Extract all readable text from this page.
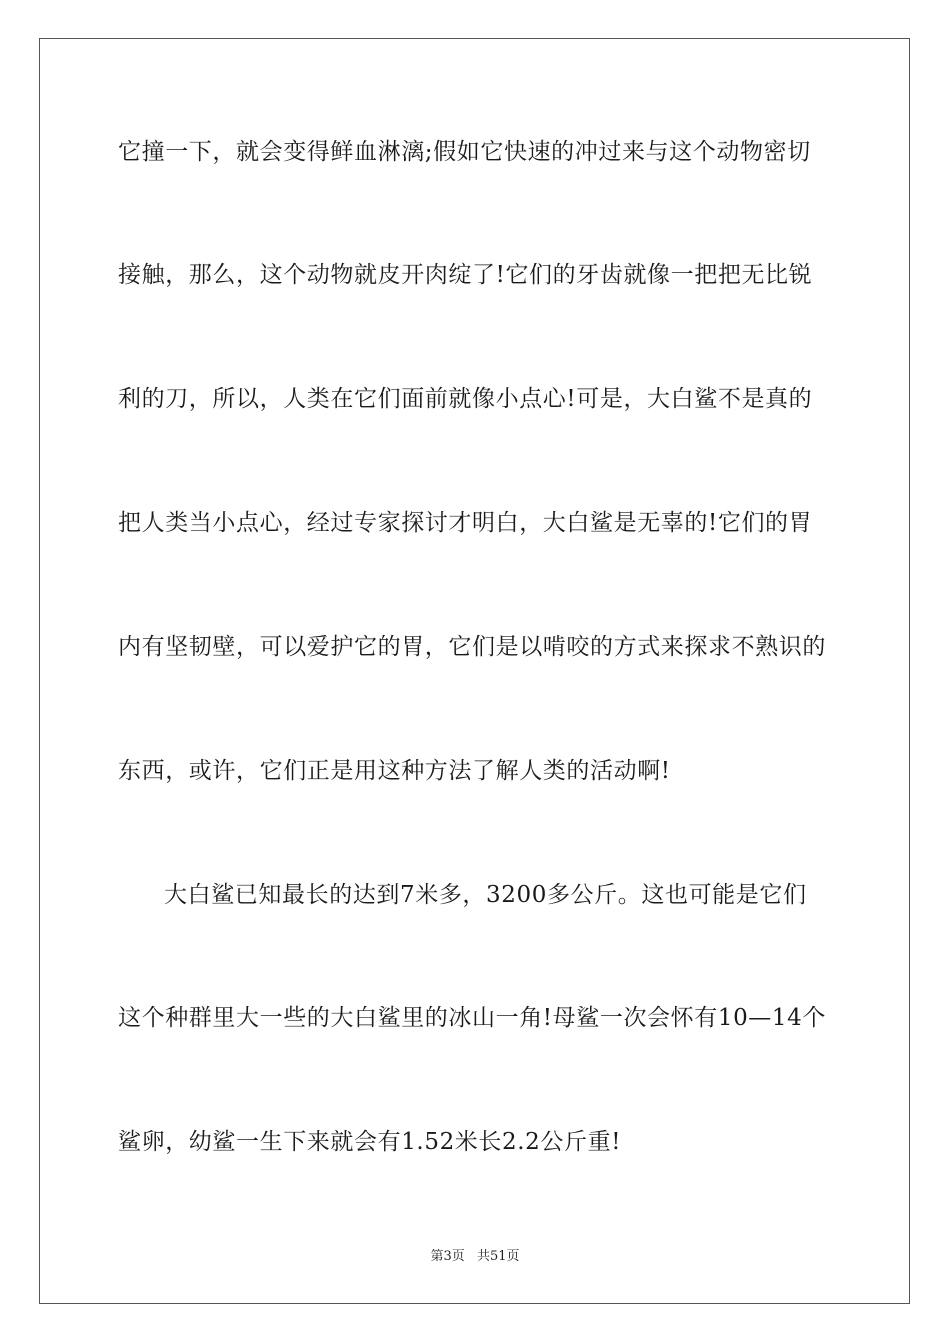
它撞一下，就会变得鲜血淋漓;假如它快速的冲过来与这个动物密切
接触，那么，这个动物就皮开肉绽了!它们的牙齿就像一把把无比锐
利的刀，所以，人类在它们面前就像小点心!可是，大白鲨不是真的
把人类当小点心，经过专家探讨才明白，大白鲨是无辜的!它们的胃
内有坚韧壁，可以爱护它的胃，它们是以啃咬的方式来探求不熟识的
东西，或许，它们正是用这种方法了解人类的活动啊!
大白鲨已知最长的达到7米多，3200多公斤。这也可能是它们
这个种群里大一些的大白鲨里的冰山一角!母鲨一次会怀有10—14个
鲨卵，幼鲨一生下来就会有1.52米长2.2公斤重!
第3页 共51页
